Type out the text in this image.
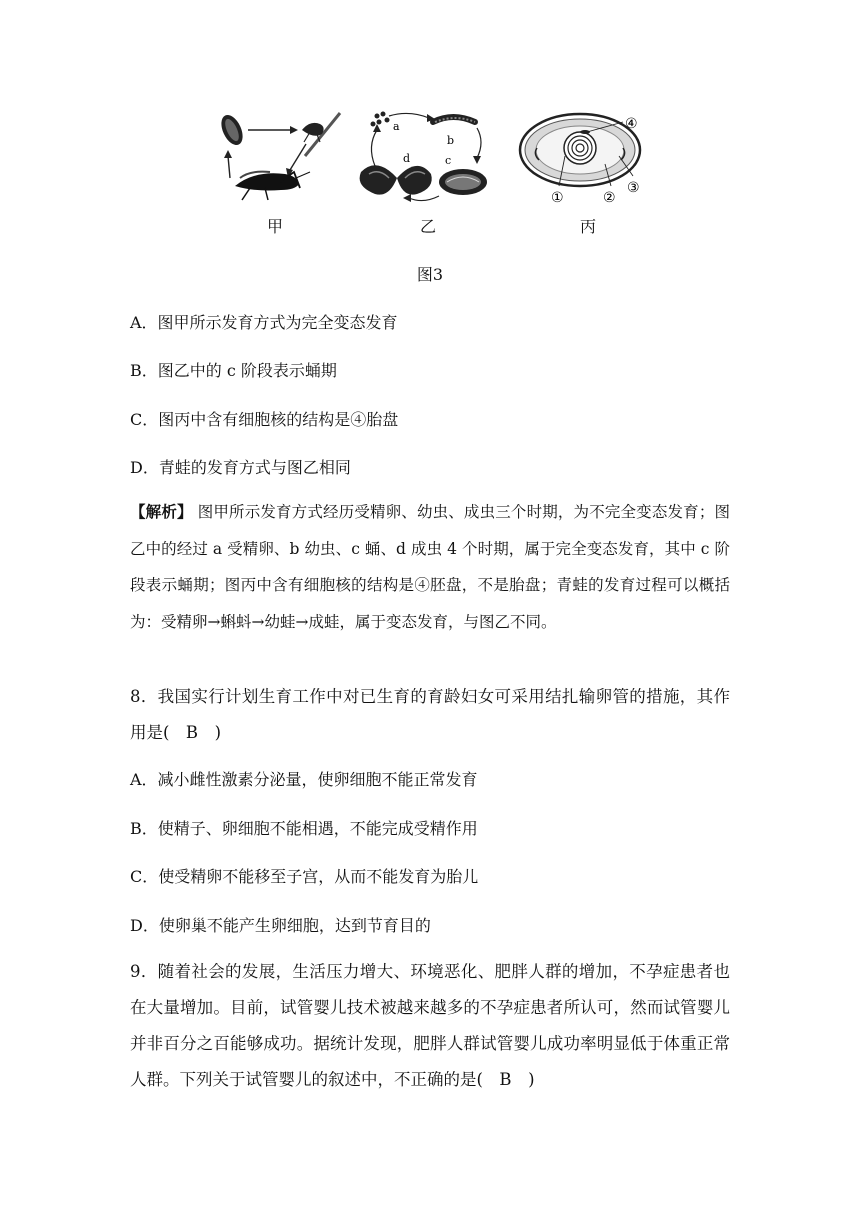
a
b
c
d
④
①	②
③
甲	乙	丙
图3
A．图甲所示发育方式为完全变态发育
B．图乙中的 c 阶段表示蛹期
C．图丙中含有细胞核的结构是④胎盘
D．青蛙的发育方式与图乙相同
【解析】 图甲所示发育方式经历受精卵、幼虫、成虫三个时期，为不完全变态发育；图乙中的经过 a 受精卵、b 幼虫、c 蛹、d 成虫 4 个时期，属于完全变态发育，其中 c 阶段表示蛹期；图丙中含有细胞核的结构是④胚盘，不是胎盘；青蛙的发育过程可以概括为：受精卵→蝌蚪→幼蛙→成蛙，属于变态发育，与图乙不同。
8．我国实行计划生育工作中对已生育的育龄妇女可采用结扎输卵管的措施，其作用是(　B　)
A．减小雌性激素分泌量，使卵细胞不能正常发育
B．使精子、卵细胞不能相遇，不能完成受精作用
C．使受精卵不能移至子宫，从而不能发育为胎儿
D．使卵巢不能产生卵细胞，达到节育目的
9．随着社会的发展，生活压力增大、环境恶化、肥胖人群的增加，不孕症患者也在大量增加。目前，试管婴儿技术被越来越多的不孕症患者所认可，然而试管婴儿并非百分之百能够成功。据统计发现，肥胖人群试管婴儿成功率明显低于体重正常人群。下列关于试管婴儿的叙述中，不正确的是(　B　)
